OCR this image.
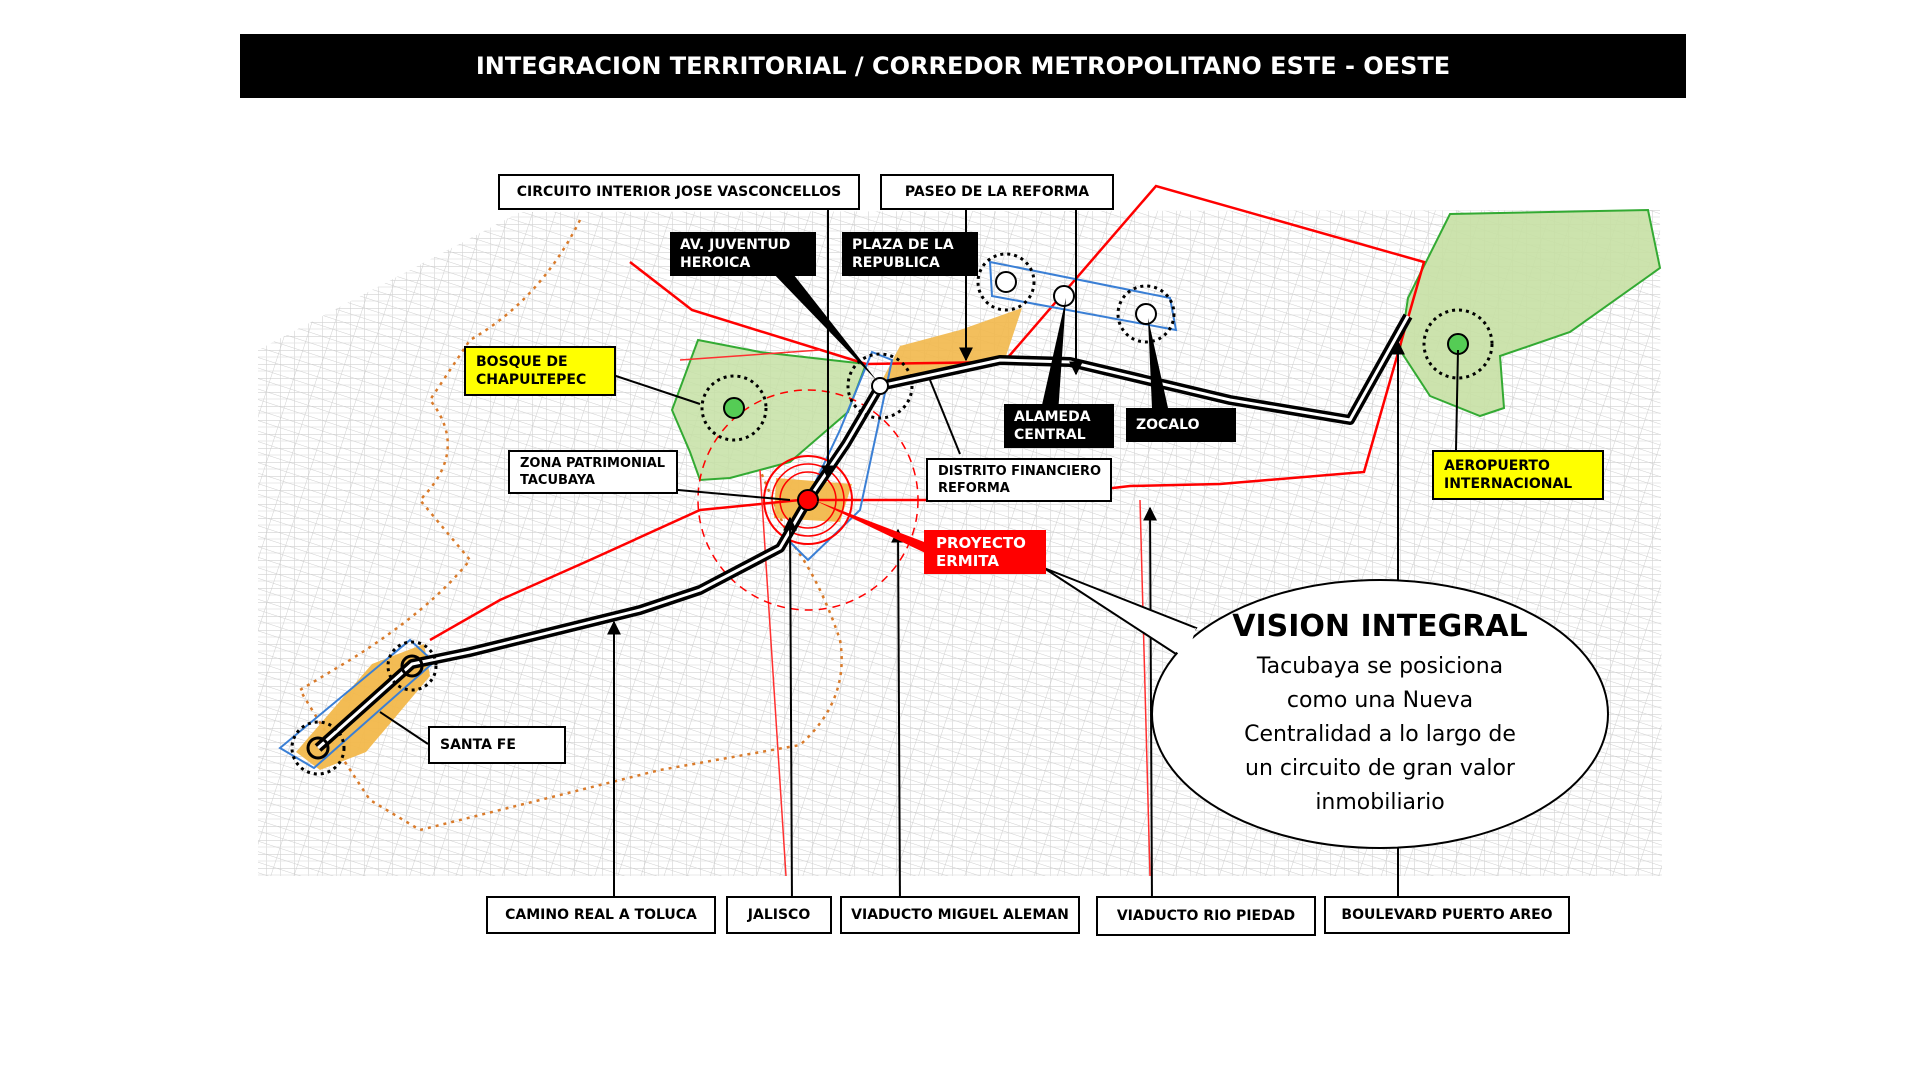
INTEGRACION TERRITORIAL / CORREDOR METROPOLITANO ESTE - OESTE
CIRCUITO INTERIOR JOSE VASCONCELLOS	PASEO DE LA REFORMA
AV. JUVENTUD
HEROICA
PLAZA DE LA
REPUBLICA
BOSQUE DE
CHAPULTEPEC
ALAMEDA
CENTRAL
ZOCALO
ZONA PATRIMONIAL
TACUBAYA
DISTRITO FINANCIERO
REFORMA
AEROPUERTO
INTERNACIONAL
PROYECTO
ERMITA
SANTA FE
CAMINO REAL A TOLUCA	JALISCO	VIADUCTO MIGUEL ALEMAN	VIADUCTO RIO PIEDAD	BOULEVARD PUERTO AREO
VISION INTEGRAL
Tacubaya se posiciona como una Nueva Centralidad a lo largo de un circuito de gran valor inmobiliario
